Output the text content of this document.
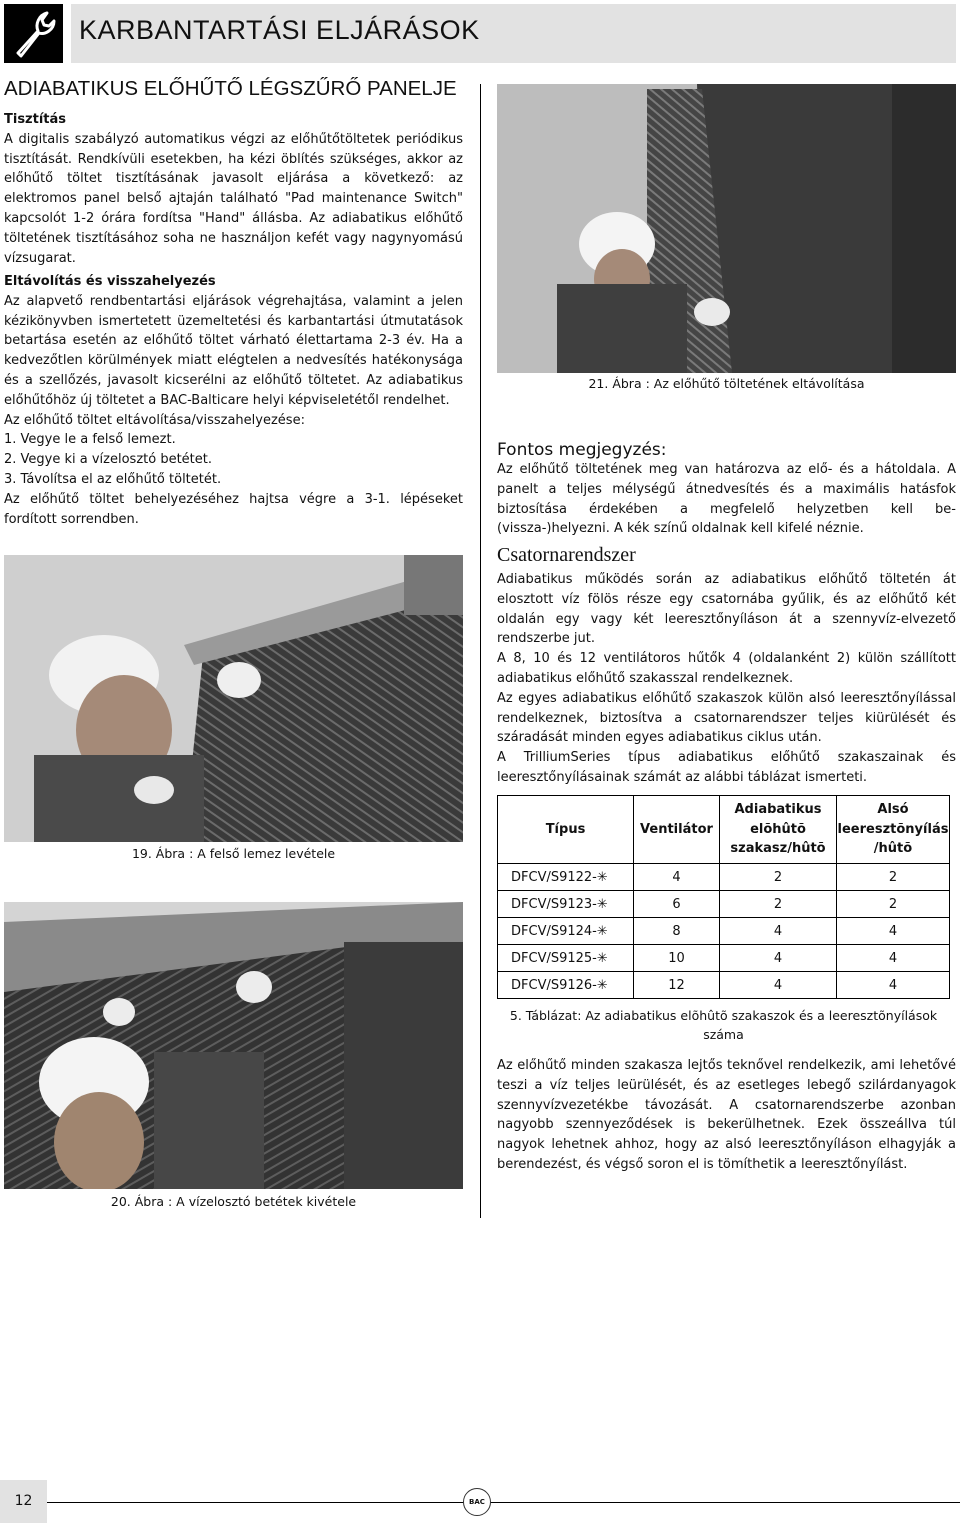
KARBANTARTÁSI ELJÁRÁSOK
ADIABATIKUS ELŐHŰTŐ LÉGSZŰRŐ PANELJE

Tisztítás

A digitalis szabályzó automatikus végzi az előhűtőtöltetek periódikus tisztítását. Rendkívüli esetekben, ha kézi öblítés szükséges, akkor az előhűtő töltet tisztításának javasolt eljárása a következő: az elektromos panel belső ajtaján található "Pad maintenance Switch" kapcsolót 1-2 órára fordítsa "Hand" állásba. Az adiabatikus előhűtő töltetének tisztításához soha ne használjon kefét vagy nagynyomású vízsugarat.

Eltávolítás és visszahelyezés

Az alapvető rendbentartási eljárások végrehajtása, valamint a jelen kézikönyvben ismertetett üzemeltetési és karbantartási útmutatások betartása esetén az előhűtő töltet várható élettartama 2-3 év. Ha a kedvezőtlen körülmények miatt elégtelen a nedvesítés hatékonysága és a szellőzés, javasolt kicserélni az előhűtő töltetet. Az adiabatikus előhűtőhöz új töltetet a BAC-Balticare helyi képviseletétől rendelhet.

Az előhűtő töltet eltávolítása/visszahelyezése:

1. Vegye le a felső lemezt.

2. Vegye ki a vízelosztó betétet.

3. Távolítsa el az előhűtő töltetét.

Az előhűtő töltet behelyezéséhez hajtsa végre a 3-1. lépéseket fordított sorrendben.

19. Ábra : A felső lemez levétele
20. Ábra : A vízelosztó betétek kivétele
21. Ábra : Az előhűtő töltetének eltávolítása
Fontos megjegyzés:
Az előhűtő töltetének meg van határozva az elő- és a hátoldala. A panelt a teljes mélységű átnedvesítés és a maximális hatásfok biztosítása érdekében a megfelelő helyzetben kell be-(vissza-)helyezni. A kék színű oldalnak kell kifelé néznie.
Csatornarendszer

Adiabatikus működés során az adiabatikus előhűtő töltetén át elosztott víz fölös része egy csatornába gyűlik, és az előhűtő két oldalán egy vagy két leeresztőnyíláson át a szennyvíz-elvezető rendszerbe jut.

A 8, 10 és 12 ventilátoros hűtők 4 (oldalanként 2) külön szállított adiabatikus előhűtő szakasszal rendelkeznek.

Az egyes adiabatikus előhűtő szakaszok külön alsó leeresztőnyílással rendelkeznek, biztosítva a csatornarendszer teljes kiürülését és száradását minden egyes adiabatikus ciklus után.

A TrilliumSeries típus adiabatikus előhűtő szakaszainak és leeresztőnyílásainak számát az alábbi táblázat ismerteti.

Típus	Ventilátor	Adiabatikus elõhûtõ szakasz/hûtõ	Alsó leeresztõnyílás /hûtõ
DFCV/S9122-✳	4	2	2
DFCV/S9123-✳	6	2	2
DFCV/S9124-✳	8	4	4
DFCV/S9125-✳	10	4	4
DFCV/S9126-✳	12	4	4
5. Táblázat: Az adiabatikus elõhûtõ szakaszok és a leeresztõnyílások száma
Az előhűtő minden szakasza lejtős teknővel rendelkezik, ami lehetővé teszi a víz teljes leürülését, és az esetleges lebegő szilárdanyagok szennyvízvezetékbe távozását. A csatornarendszerbe azonban nagyobb szennyeződések is bekerülhetnek. Ezek összeállva túl nagyok lehetnek ahhoz, hogy az alsó leeresztőnyíláson elhagyják a berendezést, és végső soron el is tömíthetik a leeresztőnyílást.
12	BAC
